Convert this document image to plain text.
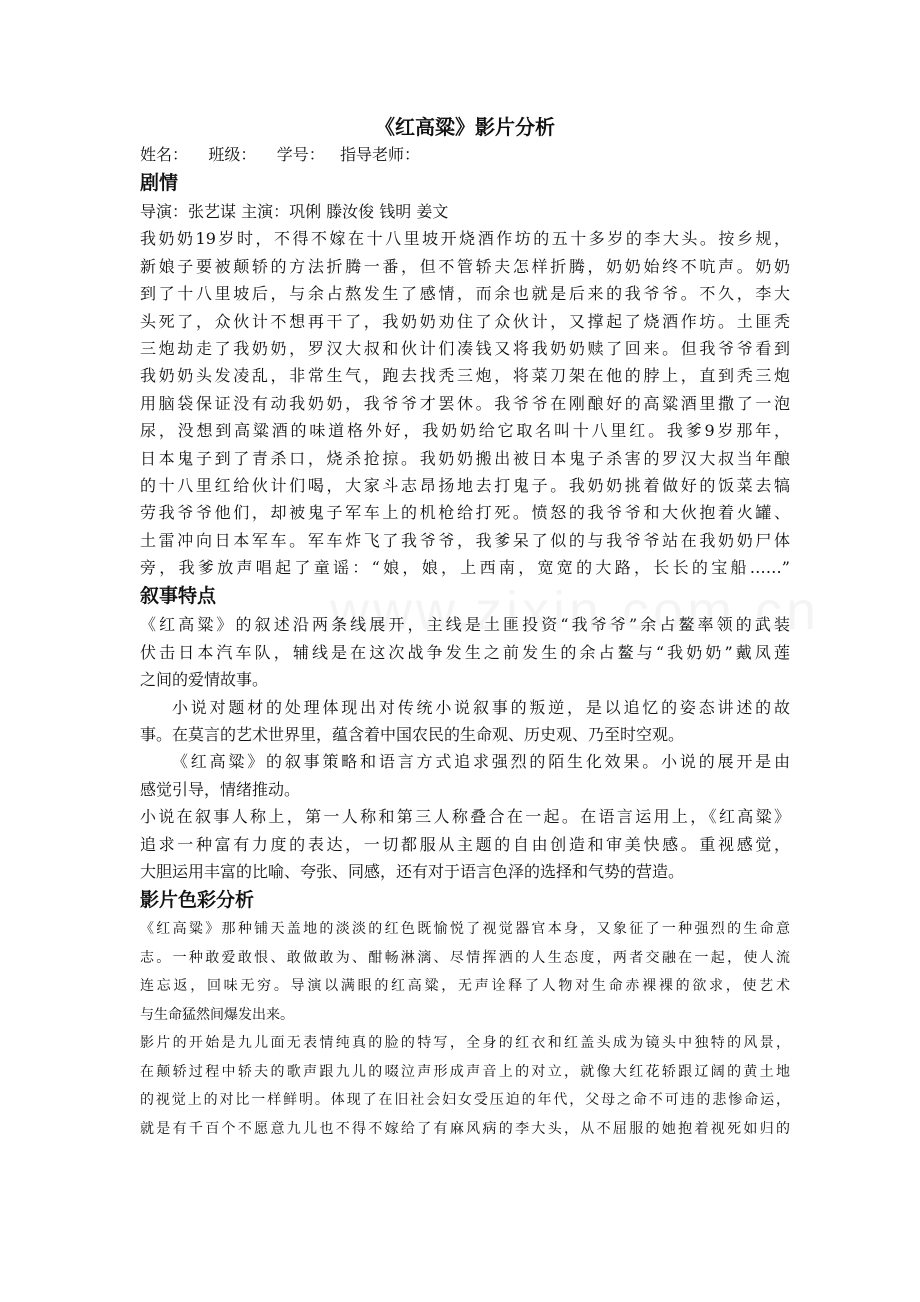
《红高粱》影片分析
姓名：    班级：    学号：   指导老师：
剧情
导演：张艺谋 主演：巩俐 滕汝俊 钱明 姜文
我奶奶19岁时，不得不嫁在十八里坡开烧酒作坊的五十多岁的李大头。按乡规，
新娘子要被颠轿的方法折腾一番，但不管轿夫怎样折腾，奶奶始终不吭声。奶奶
到了十八里坡后，与余占熬发生了感情，而余也就是后来的我爷爷。不久，李大
头死了，众伙计不想再干了，我奶奶劝住了众伙计，又撑起了烧酒作坊。土匪秃
三炮劫走了我奶奶，罗汉大叔和伙计们凑钱又将我奶奶赎了回来。但我爷爷看到
我奶奶头发凌乱，非常生气，跑去找秃三炮，将菜刀架在他的脖上，直到秃三炮
用脑袋保证没有动我奶奶，我爷爷才罢休。我爷爷在刚酿好的高粱酒里撒了一泡
尿，没想到高粱酒的味道格外好，我奶奶给它取名叫十八里红。我爹9岁那年，
日本鬼子到了青杀口，烧杀抢掠。我奶奶搬出被日本鬼子杀害的罗汉大叔当年酿
的十八里红给伙计们喝，大家斗志昂扬地去打鬼子。我奶奶挑着做好的饭菜去犒
劳我爷爷他们，却被鬼子军车上的机枪给打死。愤怒的我爷爷和大伙抱着火罐、
土雷冲向日本军车。军车炸飞了我爷爷，我爹呆了似的与我爷爷站在我奶奶尸体
旁，我爹放声唱起了童谣：“娘，娘，上西南，宽宽的大路，长长的宝船……”
叙事特点
《红高粱》的叙述沿两条线展开，主线是土匪投资“我爷爷”余占鳌率领的武装
伏击日本汽车队，辅线是在这次战争发生之前发生的余占鳌与“我奶奶”戴凤莲
之间的爱情故事。
小说对题材的处理体现出对传统小说叙事的叛逆，是以追忆的姿态讲述的故
事。在莫言的艺术世界里，蕴含着中国农民的生命观、历史观、乃至时空观。
《红高粱》的叙事策略和语言方式追求强烈的陌生化效果。小说的展开是由
感觉引导，情绪推动。
小说在叙事人称上，第一人称和第三人称叠合在一起。在语言运用上，《红高粱》
追求一种富有力度的表达，一切都服从主题的自由创造和审美快感。重视感觉，
大胆运用丰富的比喻、夸张、同感，还有对于语言色泽的选择和气势的营造。
影片色彩分析
《红高粱》那种铺天盖地的淡淡的红色既愉悦了视觉器官本身，又象征了一种强烈的生命意
志。一种敢爱敢恨、敢做敢为、酣畅淋漓、尽情挥洒的人生态度，两者交融在一起，使人流
连忘返，回味无穷。导演以满眼的红高粱，无声诠释了人物对生命赤裸裸的欲求，使艺术
与生命猛然间爆发出来。
影片的开始是九儿面无表情纯真的脸的特写，全身的红衣和红盖头成为镜头中独特的风景，
在颠轿过程中轿夫的歌声跟九儿的啜泣声形成声音上的对立，就像大红花轿跟辽阔的黄土地
的视觉上的对比一样鲜明。体现了在旧社会妇女受压迫的年代，父母之命不可违的悲惨命运，
就是有千百个不愿意九儿也不得不嫁给了有麻风病的李大头，从不屈服的她抱着视死如归的
